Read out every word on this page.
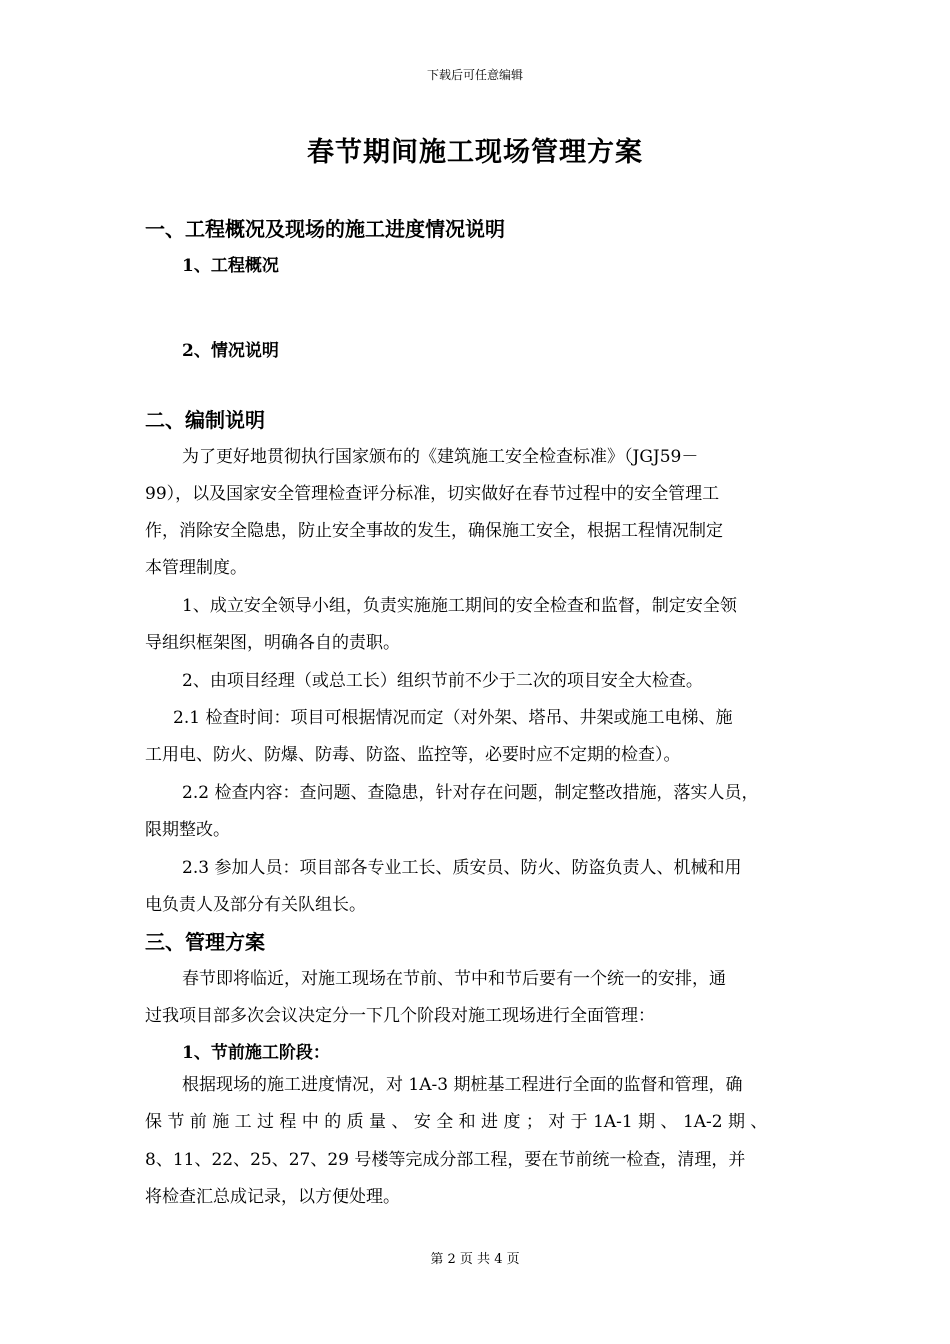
下载后可任意编辑
春节期间施工现场管理方案
一、工程概况及现场的施工进度情况说明
1、工程概况
2、情况说明
二、编制说明
为了更好地贯彻执行国家颁布的《建筑施工安全检查标准》（JGJ59－
99），以及国家安全管理检查评分标准，切实做好在春节过程中的安全管理工
作，消除安全隐患，防止安全事故的发生，确保施工安全，根据工程情况制定
本管理制度。
1、成立安全领导小组，负责实施施工期间的安全检查和监督，制定安全领
导组织框架图，明确各自的责职。
2、由项目经理（或总工长）组织节前不少于二次的项目安全大检查。
2.1 检查时间：项目可根据情况而定（对外架、塔吊、井架或施工电梯、施
工用电、防火、防爆、防毒、防盗、监控等，必要时应不定期的检查）。
2.2 检查内容：查问题、查隐患，针对存在问题，制定整改措施，落实人员，
限期整改。
2.3 参加人员：项目部各专业工长、质安员、防火、防盗负责人、机械和用
电负责人及部分有关队组长。
三、管理方案
春节即将临近，对施工现场在节前、节中和节后要有一个统一的安排，通
过我项目部多次会议决定分一下几个阶段对施工现场进行全面管理：
1、节前施工阶段：
根据现场的施工进度情况，对 1A-3 期桩基工程进行全面的监督和管理，确
保 节 前 施 工 过 程 中 的 质 量 、 安 全 和 进 度 ； 对 于 1A-1 期 、 1A-2 期 、
8、11、22、25、27、29 号楼等完成分部工程，要在节前统一检查，清理，并
将检查汇总成记录，以方便处理。
第 2 页 共 4 页
